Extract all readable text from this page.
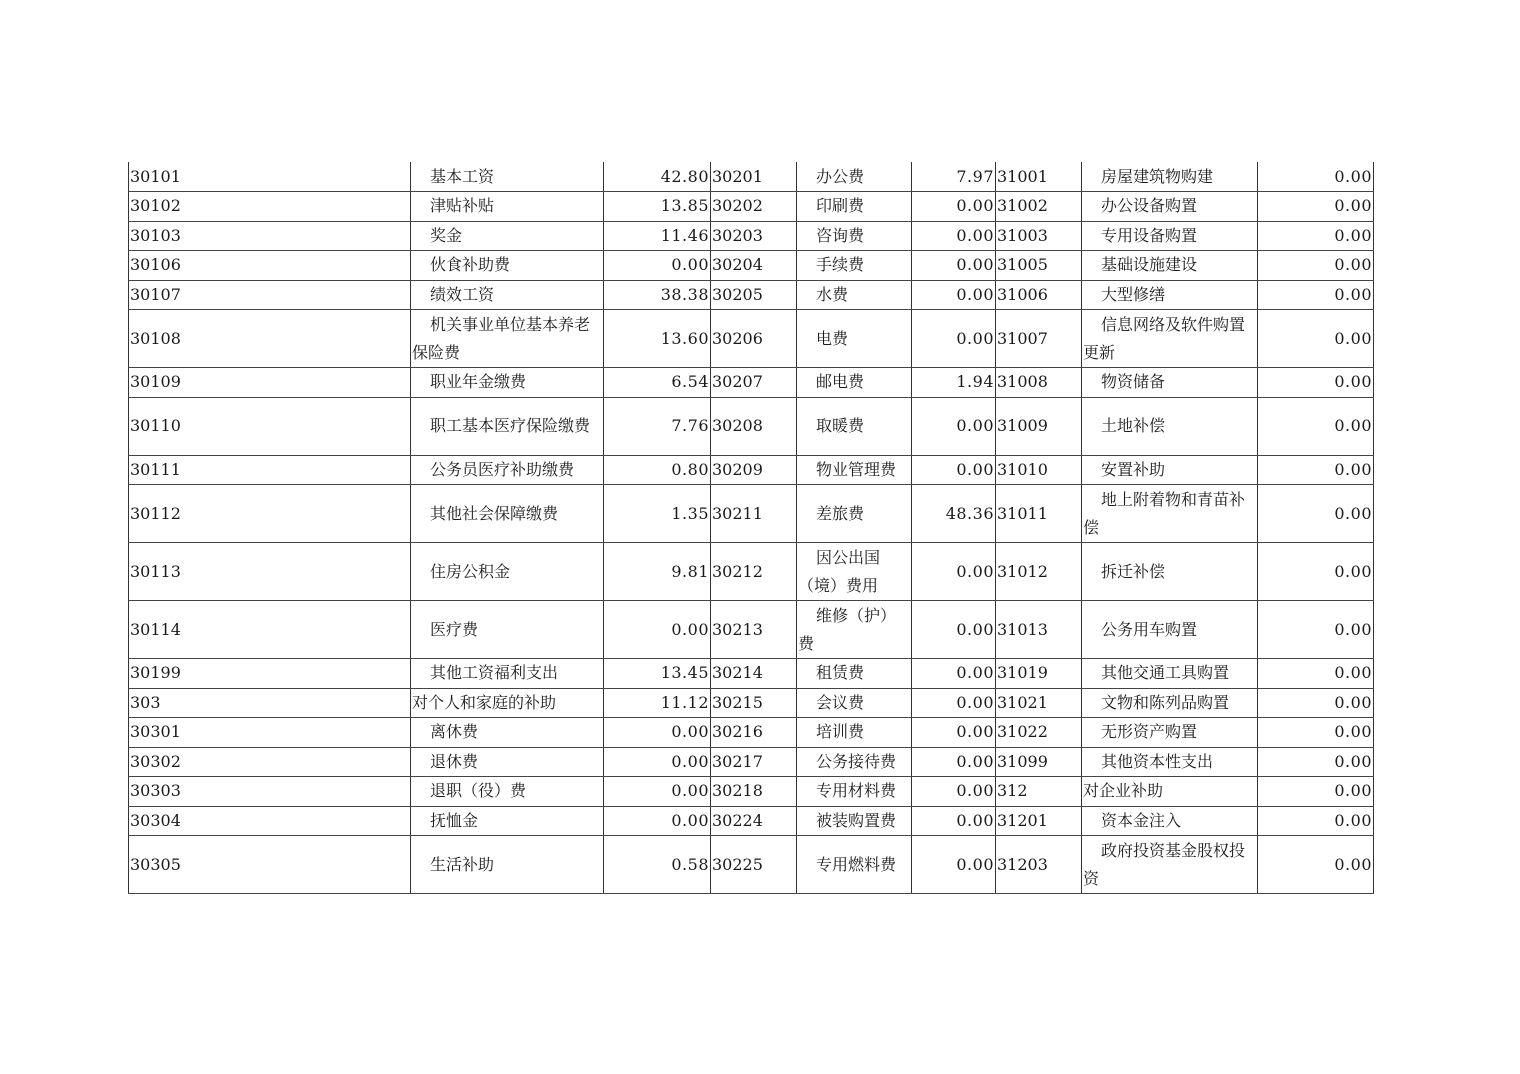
30101	基本工资	42.80	30201	办公费	7.97	31001	房屋建筑物购建	0.00
30102	津贴补贴	13.85	30202	印刷费	0.00	31002	办公设备购置	0.00
30103	奖金	11.46	30203	咨询费	0.00	31003	专用设备购置	0.00
30106	伙食补助费	0.00	30204	手续费	0.00	31005	基础设施建设	0.00
30107	绩效工资	38.38	30205	水费	0.00	31006	大型修缮	0.00
30108	机关事业单位基本养老保险费	13.60	30206	电费	0.00	31007	信息网络及软件购置更新	0.00
30109	职业年金缴费	6.54	30207	邮电费	1.94	31008	物资储备	0.00
30110	职工基本医疗保险缴费	7.76	30208	取暖费	0.00	31009	土地补偿	0.00
30111	公务员医疗补助缴费	0.80	30209	物业管理费	0.00	31010	安置补助	0.00
30112	其他社会保障缴费	1.35	30211	差旅费	48.36	31011	地上附着物和青苗补偿	0.00
30113	住房公积金	9.81	30212	因公出国（境）费用	0.00	31012	拆迁补偿	0.00
30114	医疗费	0.00	30213	维修（护）费	0.00	31013	公务用车购置	0.00
30199	其他工资福利支出	13.45	30214	租赁费	0.00	31019	其他交通工具购置	0.00
303	对个人和家庭的补助	11.12	30215	会议费	0.00	31021	文物和陈列品购置	0.00
30301	离休费	0.00	30216	培训费	0.00	31022	无形资产购置	0.00
30302	退休费	0.00	30217	公务接待费	0.00	31099	其他资本性支出	0.00
30303	退职（役）费	0.00	30218	专用材料费	0.00	312	对企业补助	0.00
30304	抚恤金	0.00	30224	被装购置费	0.00	31201	资本金注入	0.00
30305	生活补助	0.58	30225	专用燃料费	0.00	31203	政府投资基金股权投资	0.00
